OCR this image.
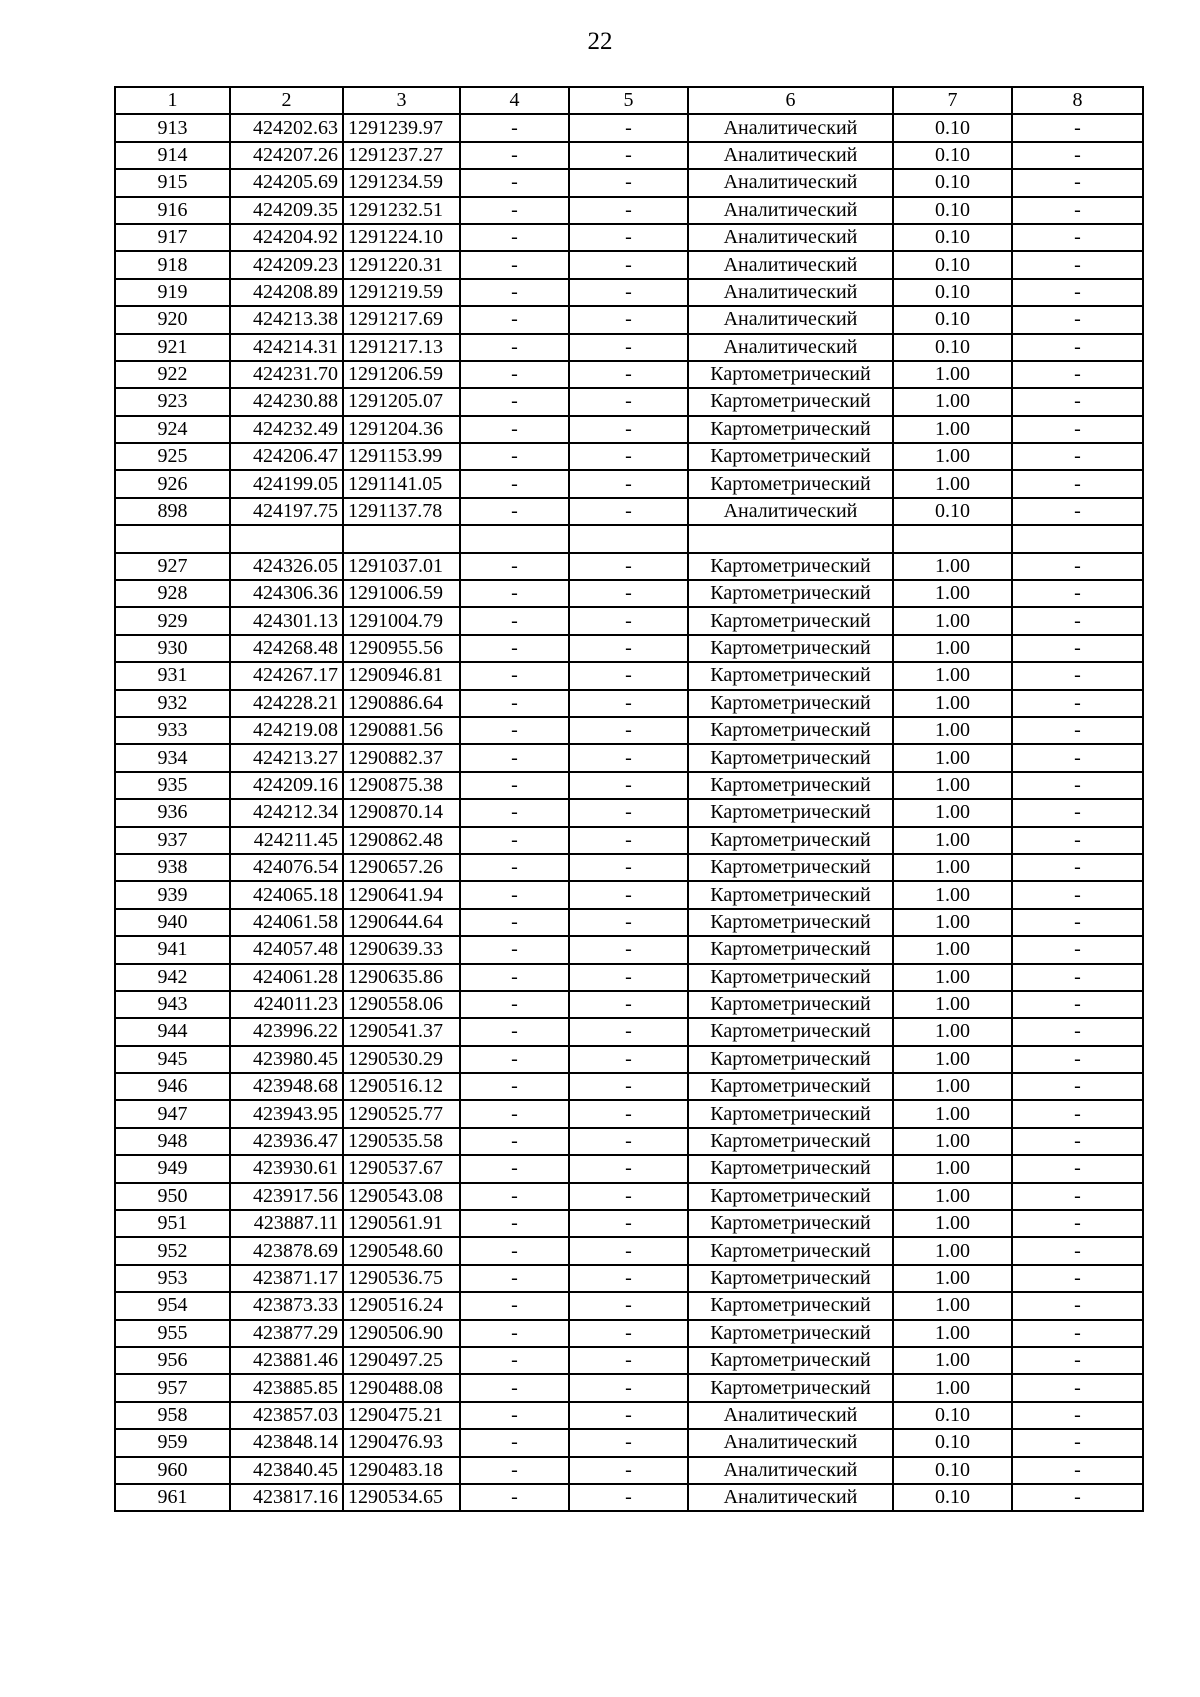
22
1	2	3	4	5	6	7	8
913	424202.63	1291239.97	-	-	Аналитический	0.10	-
914	424207.26	1291237.27	-	-	Аналитический	0.10	-
915	424205.69	1291234.59	-	-	Аналитический	0.10	-
916	424209.35	1291232.51	-	-	Аналитический	0.10	-
917	424204.92	1291224.10	-	-	Аналитический	0.10	-
918	424209.23	1291220.31	-	-	Аналитический	0.10	-
919	424208.89	1291219.59	-	-	Аналитический	0.10	-
920	424213.38	1291217.69	-	-	Аналитический	0.10	-
921	424214.31	1291217.13	-	-	Аналитический	0.10	-
922	424231.70	1291206.59	-	-	Картометрический	1.00	-
923	424230.88	1291205.07	-	-	Картометрический	1.00	-
924	424232.49	1291204.36	-	-	Картометрический	1.00	-
925	424206.47	1291153.99	-	-	Картометрический	1.00	-
926	424199.05	1291141.05	-	-	Картометрический	1.00	-
898	424197.75	1291137.78	-	-	Аналитический	0.10	-

927	424326.05	1291037.01	-	-	Картометрический	1.00	-
928	424306.36	1291006.59	-	-	Картометрический	1.00	-
929	424301.13	1291004.79	-	-	Картометрический	1.00	-
930	424268.48	1290955.56	-	-	Картометрический	1.00	-
931	424267.17	1290946.81	-	-	Картометрический	1.00	-
932	424228.21	1290886.64	-	-	Картометрический	1.00	-
933	424219.08	1290881.56	-	-	Картометрический	1.00	-
934	424213.27	1290882.37	-	-	Картометрический	1.00	-
935	424209.16	1290875.38	-	-	Картометрический	1.00	-
936	424212.34	1290870.14	-	-	Картометрический	1.00	-
937	424211.45	1290862.48	-	-	Картометрический	1.00	-
938	424076.54	1290657.26	-	-	Картометрический	1.00	-
939	424065.18	1290641.94	-	-	Картометрический	1.00	-
940	424061.58	1290644.64	-	-	Картометрический	1.00	-
941	424057.48	1290639.33	-	-	Картометрический	1.00	-
942	424061.28	1290635.86	-	-	Картометрический	1.00	-
943	424011.23	1290558.06	-	-	Картометрический	1.00	-
944	423996.22	1290541.37	-	-	Картометрический	1.00	-
945	423980.45	1290530.29	-	-	Картометрический	1.00	-
946	423948.68	1290516.12	-	-	Картометрический	1.00	-
947	423943.95	1290525.77	-	-	Картометрический	1.00	-
948	423936.47	1290535.58	-	-	Картометрический	1.00	-
949	423930.61	1290537.67	-	-	Картометрический	1.00	-
950	423917.56	1290543.08	-	-	Картометрический	1.00	-
951	423887.11	1290561.91	-	-	Картометрический	1.00	-
952	423878.69	1290548.60	-	-	Картометрический	1.00	-
953	423871.17	1290536.75	-	-	Картометрический	1.00	-
954	423873.33	1290516.24	-	-	Картометрический	1.00	-
955	423877.29	1290506.90	-	-	Картометрический	1.00	-
956	423881.46	1290497.25	-	-	Картометрический	1.00	-
957	423885.85	1290488.08	-	-	Картометрический	1.00	-
958	423857.03	1290475.21	-	-	Аналитический	0.10	-
959	423848.14	1290476.93	-	-	Аналитический	0.10	-
960	423840.45	1290483.18	-	-	Аналитический	0.10	-
961	423817.16	1290534.65	-	-	Аналитический	0.10	-
